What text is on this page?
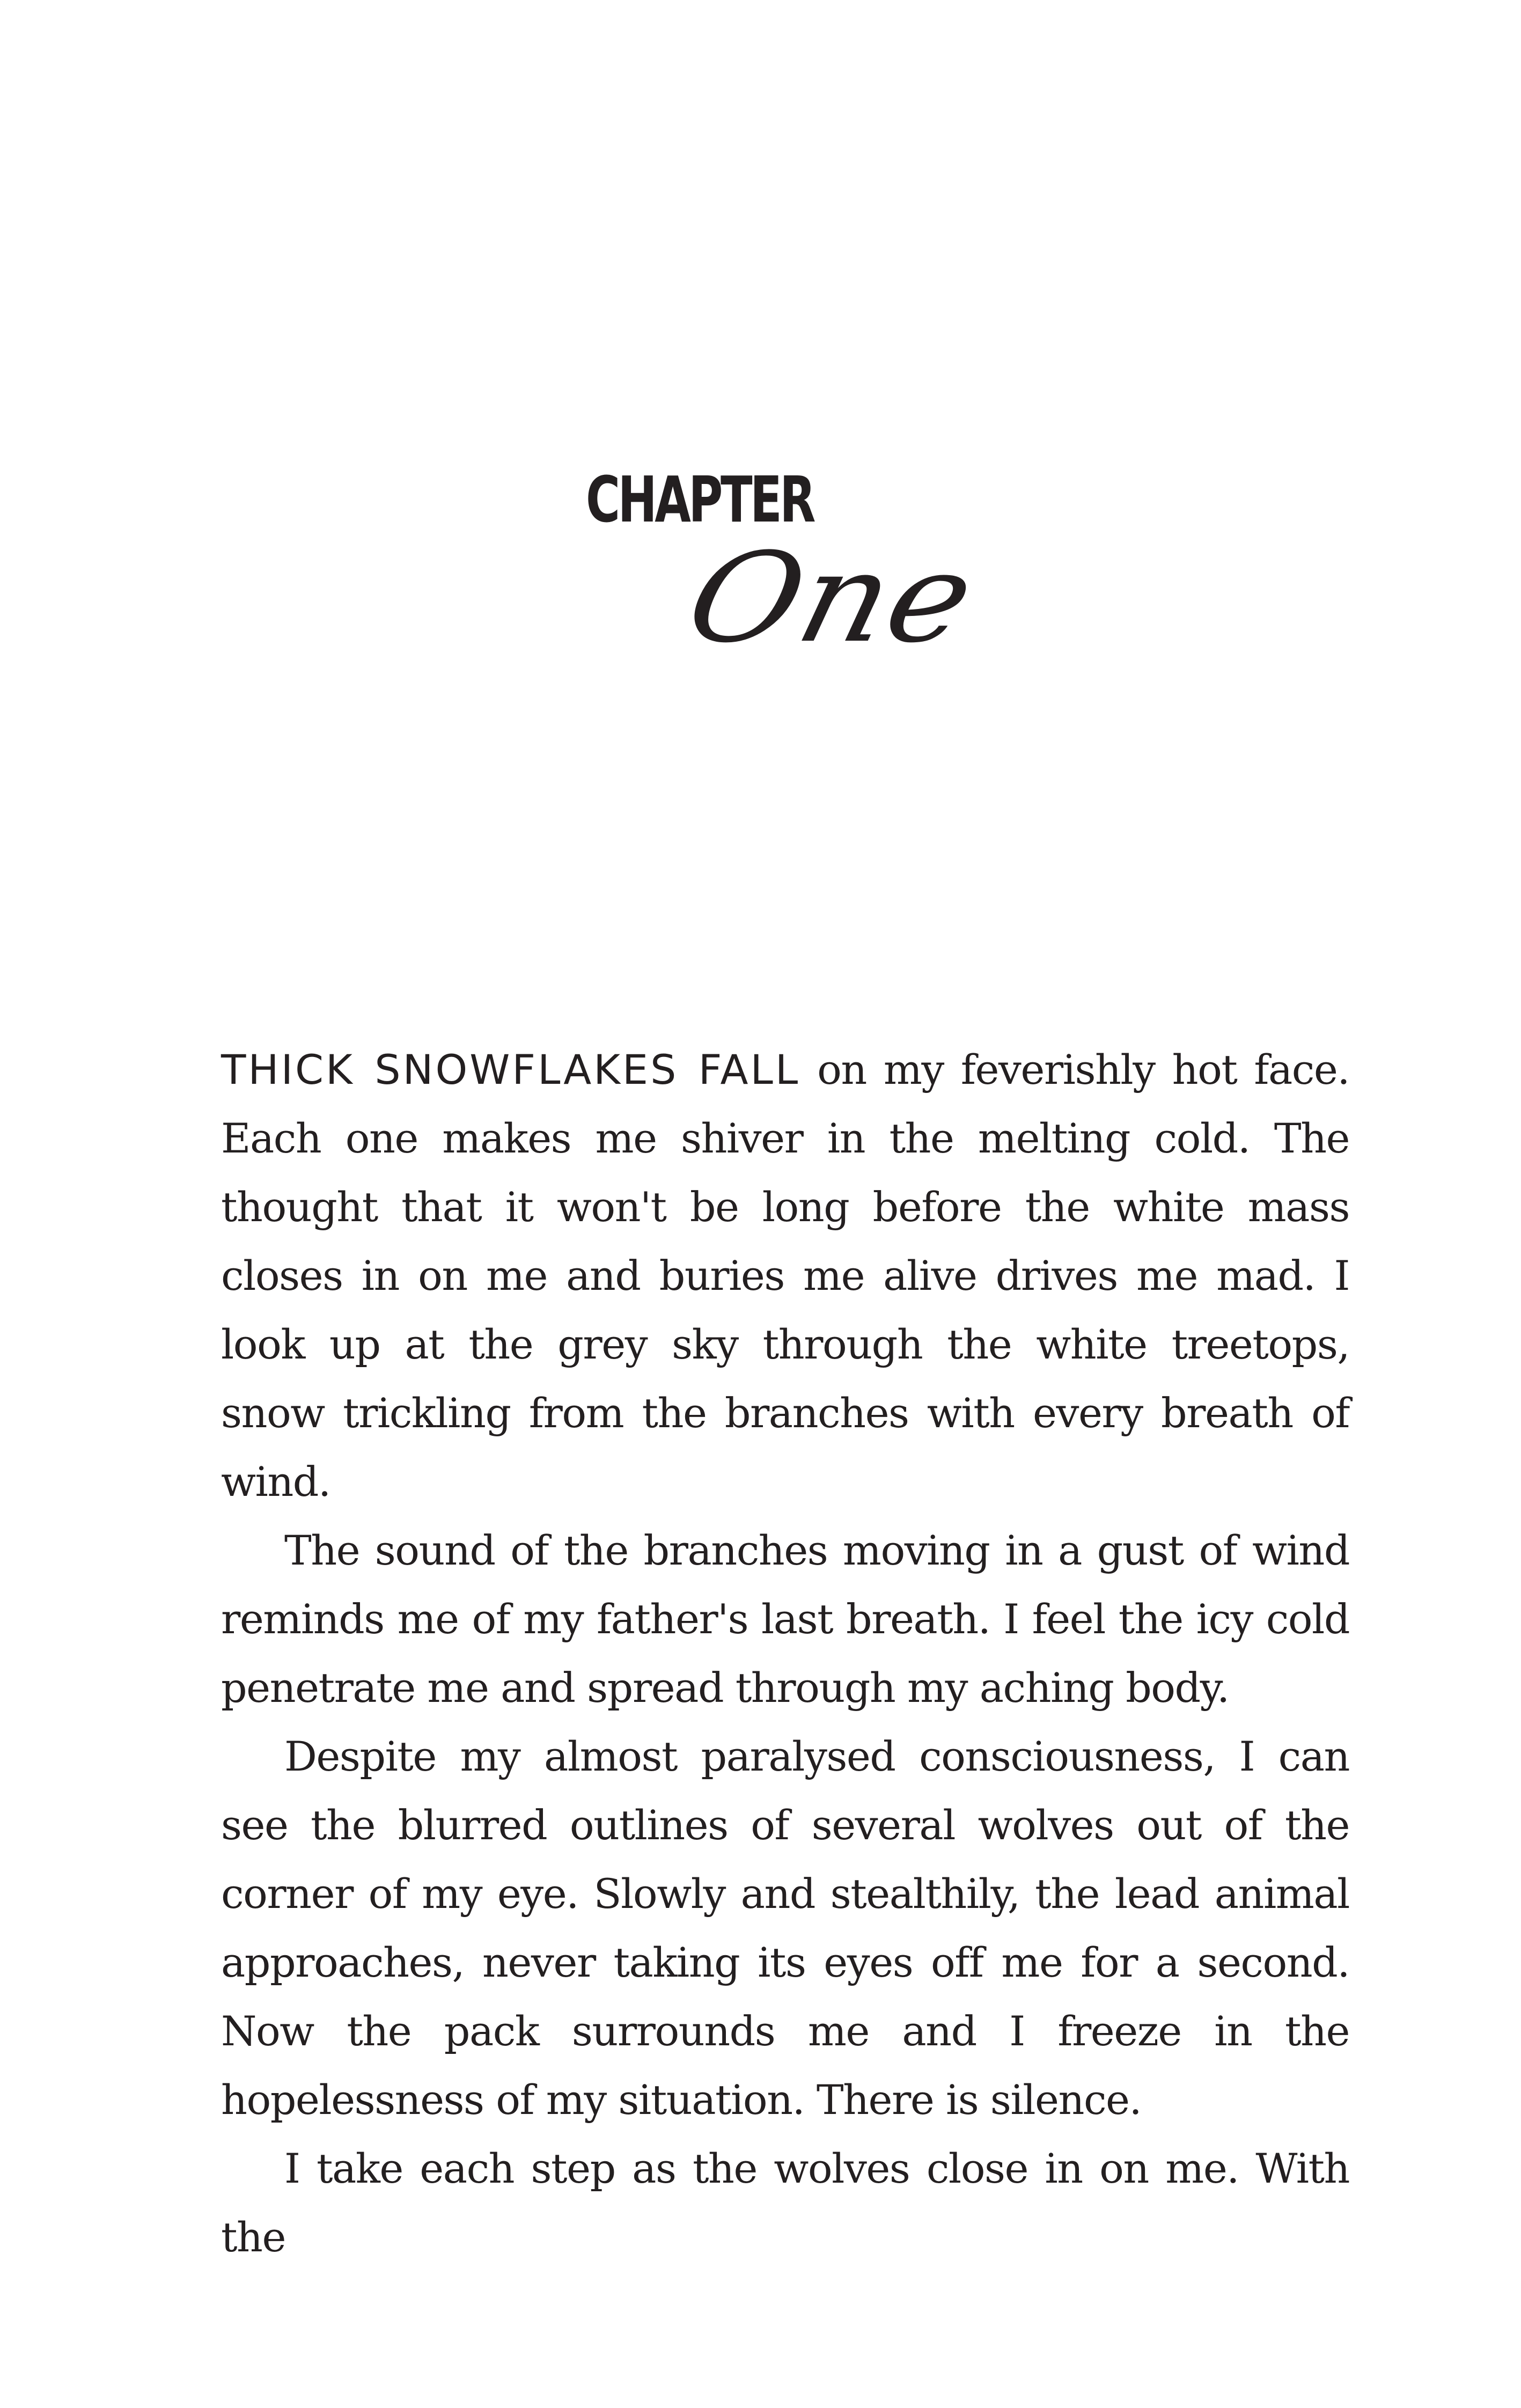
CHAPTER
One

THICK SNOWFLAKES FALL on my feverishly hot face. Each one makes me shiver in the melting cold. The thought that it won't be long before the white mass closes in on me and buries me alive drives me mad. I look up at the grey sky through the white treetops, snow trickling from the branches with every breath of wind.

The sound of the branches moving in a gust of wind reminds me of my father's last breath. I feel the icy cold penetrate me and spread through my aching body.

Despite my almost paralysed consciousness, I can see the blurred outlines of several wolves out of the corner of my eye. Slowly and stealthily, the lead animal approaches, never taking its eyes off me for a second. Now the pack surrounds me and I freeze in the hopelessness of my situation. There is silence.

I take each step as the wolves close in on me. With the
